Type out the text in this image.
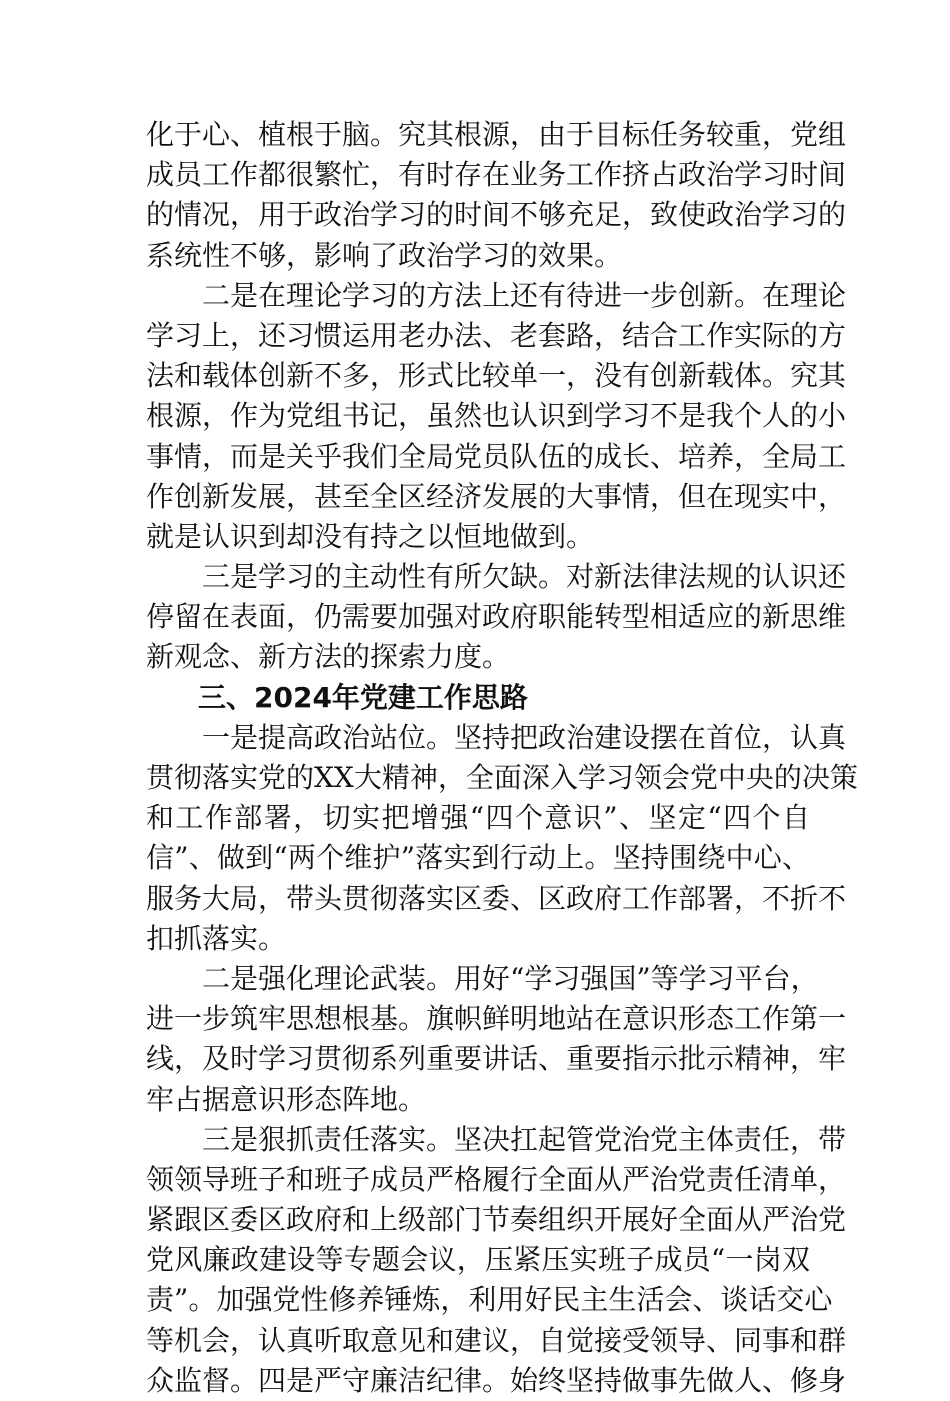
化于心、植根于脑。究其根源，由于目标任务较重，党组
成员工作都很繁忙，有时存在业务工作挤占政治学习时间
的情况，用于政治学习的时间不够充足，致使政治学习的
系统性不够，影响了政治学习的效果。
二是在理论学习的方法上还有待进一步创新。在理论
学习上，还习惯运用老办法、老套路，结合工作实际的方
法和载体创新不多，形式比较单一，没有创新载体。究其
根源，作为党组书记，虽然也认识到学习不是我个人的小
事情，而是关乎我们全局党员队伍的成长、培养，全局工
作创新发展，甚至全区经济发展的大事情，但在现实中，
就是认识到却没有持之以恒地做到。
三是学习的主动性有所欠缺。对新法律法规的认识还
停留在表面，仍需要加强对政府职能转型相适应的新思维
新观念、新方法的探索力度。
三、2024年党建工作思路
一是提高政治站位。坚持把政治建设摆在首位，认真
贯彻落实党的XX大精神，全面深入学习领会党中央的决策
和工作部署，切实把增强“四个意识”、坚定“四个自
信”、做到“两个维护”落实到行动上。坚持围绕中心、
服务大局，带头贯彻落实区委、区政府工作部署，不折不
扣抓落实。
二是强化理论武装。用好“学习强国”等学习平台，
进一步筑牢思想根基。旗帜鲜明地站在意识形态工作第一
线，及时学习贯彻系列重要讲话、重要指示批示精神，牢
牢占据意识形态阵地。
三是狠抓责任落实。坚决扛起管党治党主体责任，带
领领导班子和班子成员严格履行全面从严治党责任清单，
紧跟区委区政府和上级部门节奏组织开展好全面从严治党
党风廉政建设等专题会议，压紧压实班子成员“一岗双
责”。加强党性修养锤炼，利用好民主生活会、谈话交心
等机会，认真听取意见和建议，自觉接受领导、同事和群
众监督。四是严守廉洁纪律。始终坚持做事先做人、修身
